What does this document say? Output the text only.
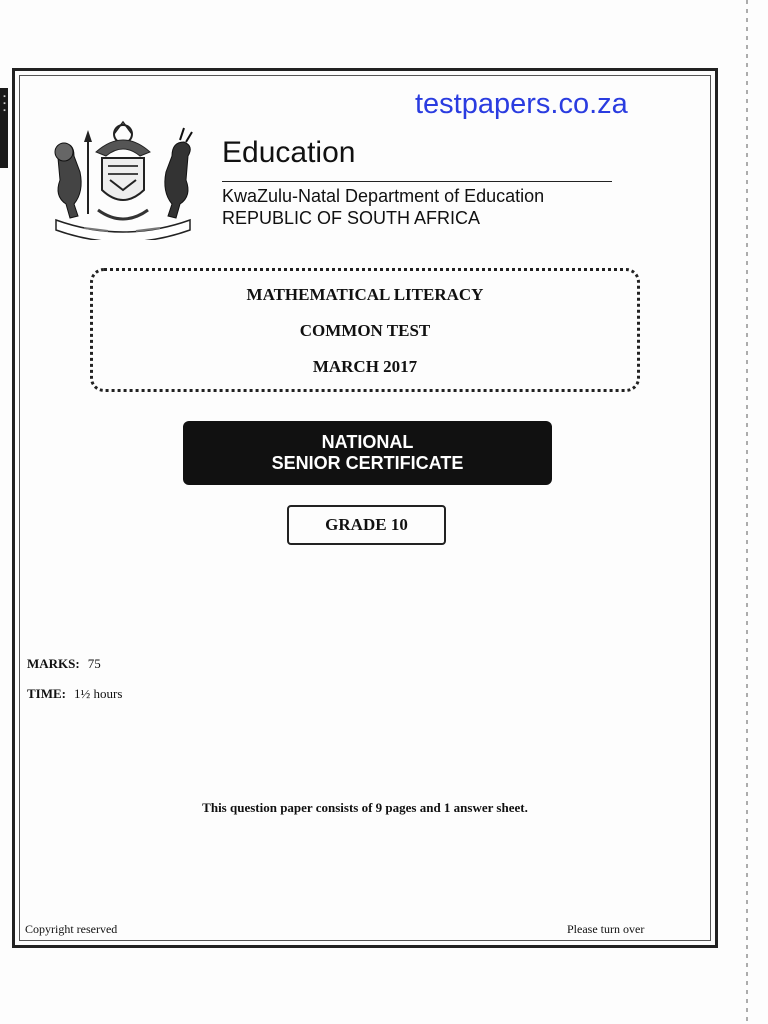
▪▪▪	testpapers.co.za
Education
KwaZulu-Natal Department of Education
REPUBLIC OF SOUTH AFRICA
MATHEMATICAL LITERACY
COMMON TEST
MARCH 2017
NATIONAL
SENIOR CERTIFICATE
GRADE 10
MARKS: 75
TIME: 1½ hours
This question paper consists of 9 pages and 1 answer sheet.
Copyright reserved	Please turn over
